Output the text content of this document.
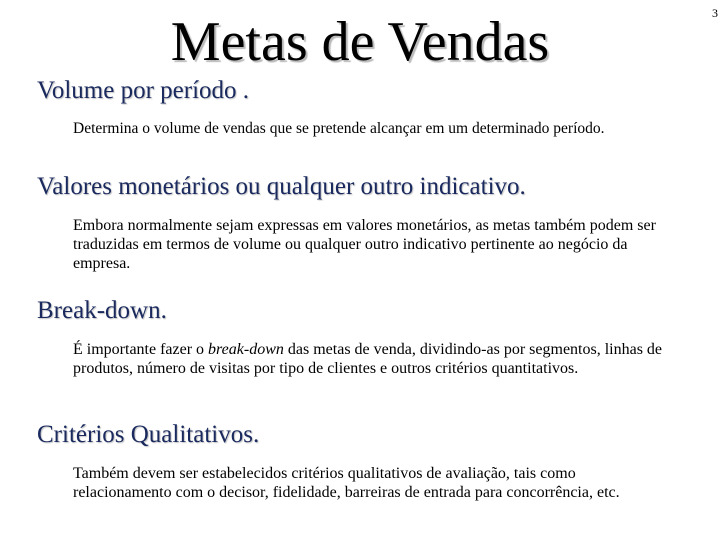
3
Metas de Vendas
Volume por período .
Determina o volume de vendas que se pretende alcançar em um determinado período.
Valores monetários ou qualquer outro indicativo.
Embora normalmente sejam expressas em valores monetários, as metas também podem ser traduzidas em termos de volume ou qualquer outro indicativo pertinente ao negócio da empresa.
Break-down.
É importante fazer o break-down das metas de venda, dividindo-as por segmentos, linhas de produtos, número de visitas por tipo de clientes e outros critérios quantitativos.
Critérios Qualitativos.
Também devem ser estabelecidos critérios qualitativos de avaliação, tais como relacionamento com o decisor, fidelidade, barreiras de entrada para concorrência, etc.
